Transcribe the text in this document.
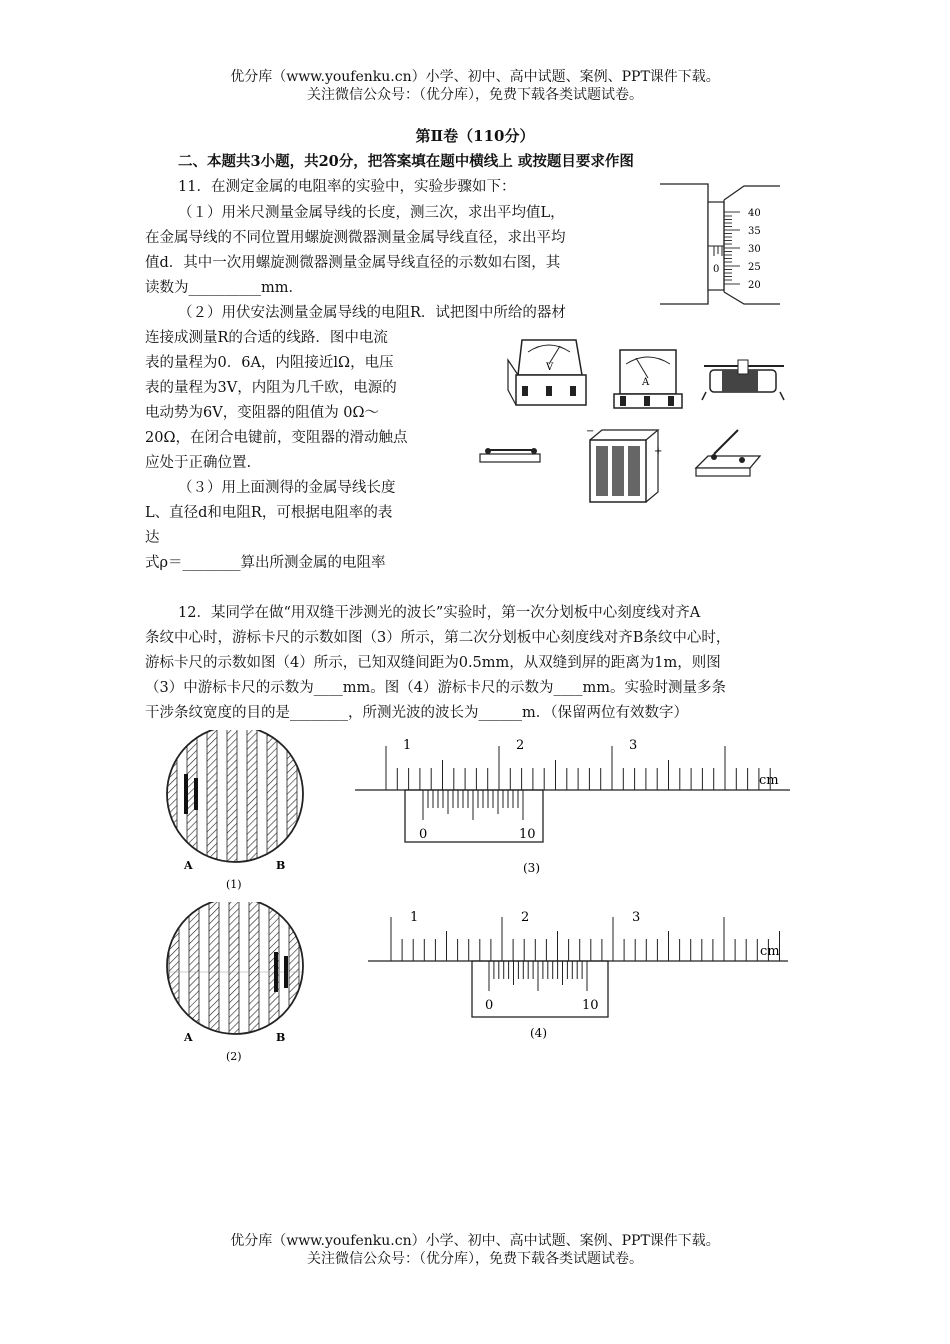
优分库（www.youfenku.cn）小学、初中、高中试题、案例、PPT课件下载。
关注微信公众号：（优分库），免费下载各类试题试卷。
第Ⅱ卷（110分）
二、本题共3小题，共20分，把答案填在题中横线上 或按题目要求作图
11．在测定金属的电阻率的实验中，实验步骤如下：
（１）用米尺测量金属导线的长度，测三次，求出平均值L，
在金属导线的不同位置用螺旋测微器测量金属导线直径，求出平均
值d．其中一次用螺旋测微器测量金属导线直径的示数如右图，其
读数为__________mm．
（２）用伏安法测量金属导线的电阻R．试把图中所给的器材
连接成测量R的合适的线路．图中电流
表的量程为0．6A，内阻接近lΩ，电压
表的量程为3V，内阻为几千欧，电源的
电动势为6V，变阻器的阻值为 0Ω～
20Ω，在闭合电键前，变阻器的滑动触点
应处于正确位置.
（３）用上面测得的金属导线长度
L、直径d和电阻R，可根据电阻率的表
达
式ρ＝________算出所测金属的电阻率
40
35
30
25
20
0
V
A
−
+
12．某同学在做“用双缝干涉测光的波长”实验时，第一次分划板中心刻度线对齐A
条纹中心时，游标卡尺的示数如图（3）所示，第二次分划板中心刻度线对齐B条纹中心时，
游标卡尺的示数如图（4）所示，已知双缝间距为0.5mm，从双缝到屏的距离为1m，则图
（3）中游标卡尺的示数为____mm。图（4）游标卡尺的示数为____mm。实验时测量多条
干涉条纹宽度的目的是________，所测光波的波长为______m．（保留两位有效数字）
A	B
(1)
A	B
(2)
1	2	3
cm
0	10
(3)
1	2	3
cm
0	10
(4)
优分库（www.youfenku.cn）小学、初中、高中试题、案例、PPT课件下载。
关注微信公众号：（优分库），免费下载各类试题试卷。
